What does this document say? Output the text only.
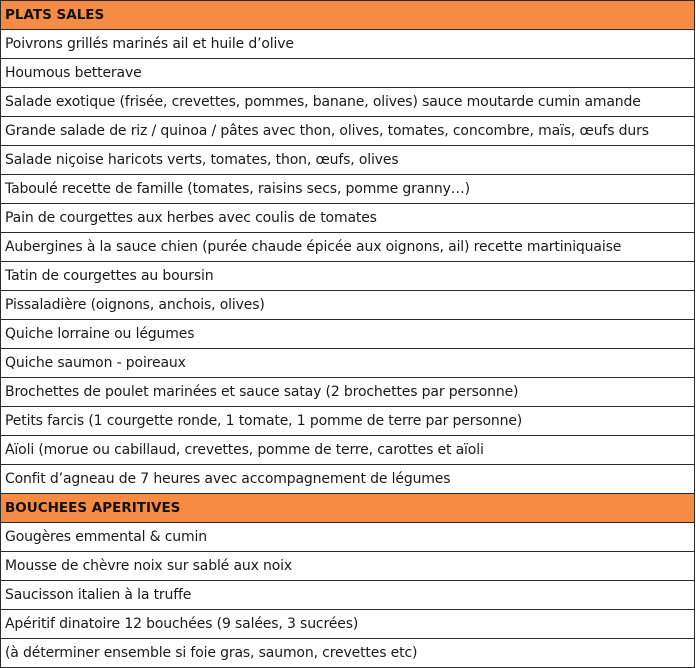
PLATS SALES
Poivrons grillés marinés ail et huile d’olive
Houmous betterave
Salade exotique (frisée, crevettes, pommes, banane, olives) sauce moutarde cumin amande
Grande salade de riz / quinoa / pâtes avec thon, olives, tomates, concombre, maïs, œufs durs
Salade niçoise haricots verts, tomates, thon, œufs, olives
Taboulé recette de famille (tomates, raisins secs, pomme granny…)
Pain de courgettes aux herbes avec coulis de tomates
Aubergines à la sauce chien (purée chaude épicée aux oignons, ail) recette martiniquaise
Tatin de courgettes au boursin
Pissaladière (oignons, anchois, olives)
Quiche lorraine ou légumes
Quiche saumon - poireaux
Brochettes de poulet marinées et sauce satay (2 brochettes par personne)
Petits farcis (1 courgette ronde, 1 tomate, 1 pomme de terre par personne)
Aïoli (morue ou cabillaud, crevettes, pomme de terre, carottes et aïoli
Confit d’agneau de 7 heures avec accompagnement de légumes
BOUCHEES APERITIVES
Gougères emmental & cumin
Mousse de chèvre noix sur sablé aux noix
Saucisson italien à la truffe
Apéritif dinatoire 12 bouchées (9 salées, 3 sucrées)
(à déterminer ensemble si foie gras, saumon, crevettes etc)
